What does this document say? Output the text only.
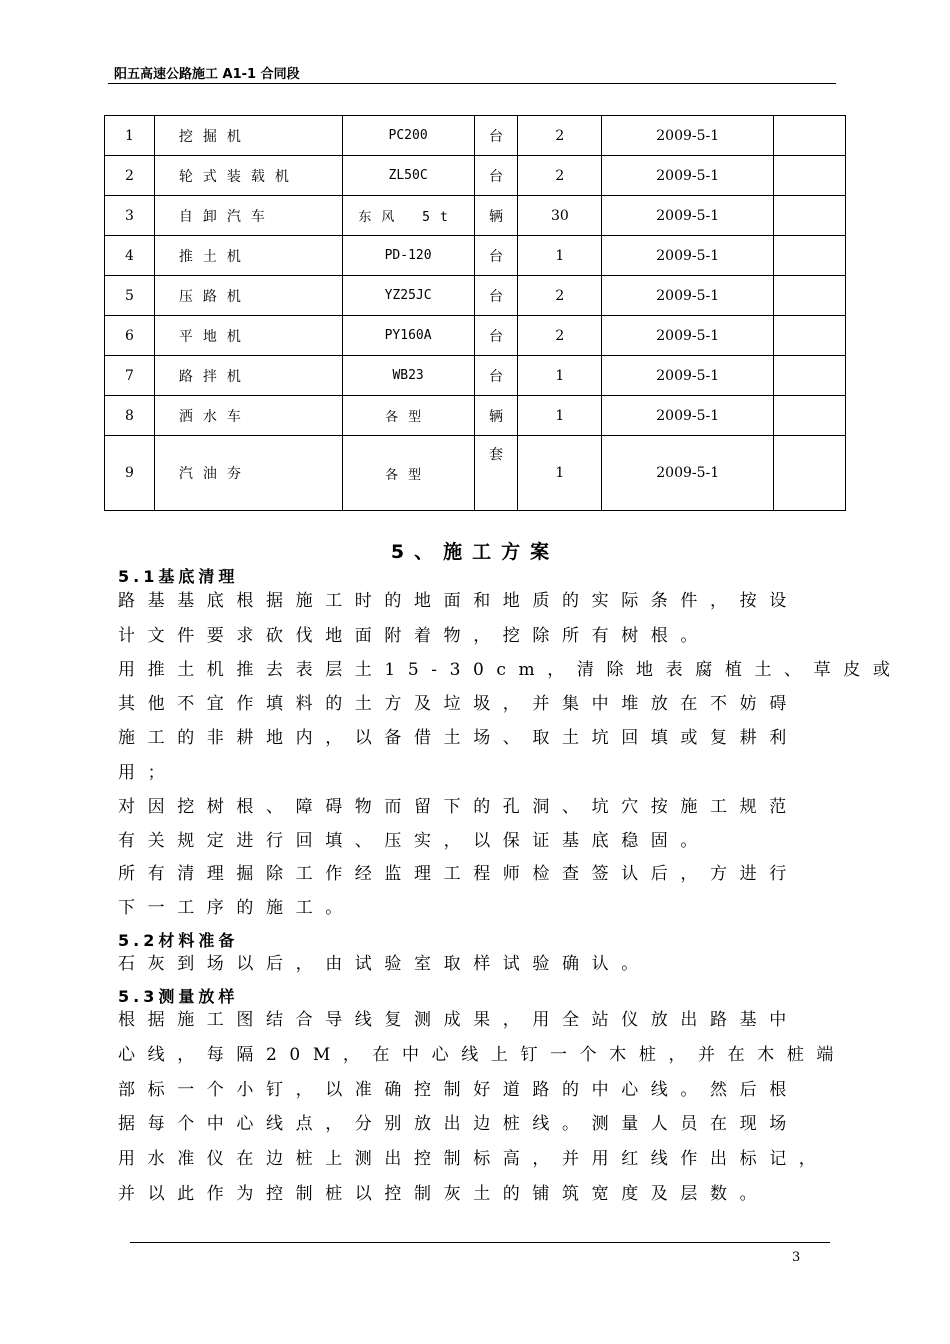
阳五高速公路施工 A1-1 合同段
1	挖掘机	PC200	台	2	2009-5-1	
2	轮式装载机	ZL50C	台	2	2009-5-1	
3	自卸汽车	东风 5t	辆	30	2009-5-1	
4	推土机	PD-120	台	1	2009-5-1	
5	压路机	YZ25JC	台	2	2009-5-1	
6	平地机	PY160A	台	2	2009-5-1	
7	路拌机	WB23	台	1	2009-5-1	
8	洒水车	各型	辆	1	2009-5-1	
9	汽油夯	各型	套	1	2009-5-1	
5、施工方案
5.1基底清理
路基基底根据施工时的地面和地质的实际条件，按设
计文件要求砍伐地面附着物，挖除所有树根。
用推土机推去表层土15-30cm，清除地表腐植土、草皮或
其他不宜作填料的土方及垃圾，并集中堆放在不妨碍
施工的非耕地内，以备借土场、取土坑回填或复耕利
用；
对因挖树根、障碍物而留下的孔洞、坑穴按施工规范
有关规定进行回填、压实，以保证基底稳固。
所有清理掘除工作经监理工程师检查签认后，方进行
下一工序的施工。
5.2材料准备
石灰到场以后，由试验室取样试验确认。
5.3测量放样
根据施工图结合导线复测成果，用全站仪放出路基中
心线，每隔20M，在中心线上钉一个木桩，并在木桩端
部标一个小钉，以准确控制好道路的中心线。然后根
据每个中心线点，分别放出边桩线。测量人员在现场
用水准仪在边桩上测出控制标高，并用红线作出标记，
并以此作为控制桩以控制灰土的铺筑宽度及层数。
3
